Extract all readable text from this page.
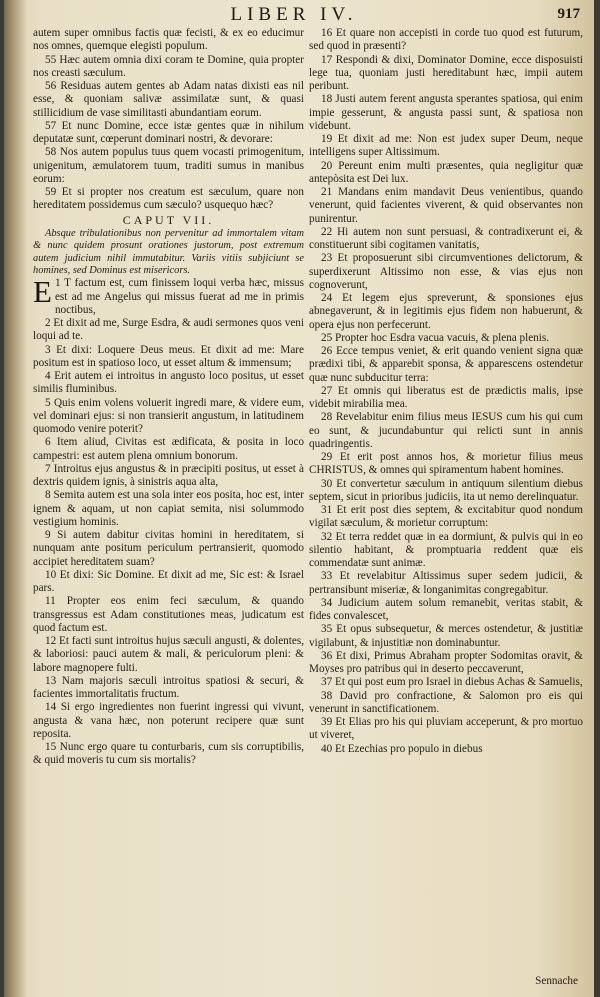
LIBER IV.	917

autem super omnibus factis quæ fecisti, & ex eo educimur nos omnes, quemque elegisti populum.

55 Hæc autem omnia dixi coram te Domine, quia propter nos creasti sæculum.

56 Residuas autem gentes ab Adam natas dixisti eas nil esse, & quoniam salivæ assimilatæ sunt, & quasi stillicidium de vase similitasti abundantiam eorum.

57 Et nunc Domine, ecce istæ gentes quæ in nihilum deputatæ sunt, cœperunt dominari nostri, & devorare:

58 Nos autem populus tuus quem vocasti primogenitum, unigenitum, æmulatorem tuum, traditi sumus in manibus eorum:

59 Et si propter nos creatum est sæculum, quare non hereditatem possidemus cum sæculo? usquequo hæc?

CAPUT VII.

Absque tribulationibus non pervenitur ad immortalem vitam & nunc quidem prosunt orationes justorum, post extremum autem judicium nihil immutabitur. Variis vitiis subjiciunt se homines, sed Dominus est misericors.

E 1 T factum est, cum finissem loqui verba hæc, missus est ad me Angelus qui missus fuerat ad me in primis noctibus,

2 Et dixit ad me, Surge Esdra, & audi sermones quos veni loqui ad te.

3 Et dixi: Loquere Deus meus. Et dixit ad me: Mare positum est in spatioso loco, ut esset altum & immensum;

4 Erit autem ei introitus in angusto loco positus, ut esset similis fluminibus.

5 Quis enim volens voluerit ingredi mare, & videre eum, vel dominari ejus: si non transierit angustum, in latitudinem quomodo venire poterit?

6 Item aliud, Civitas est ædificata, & posita in loco campestri: est autem plena omnium bonorum.

7 Introitus ejus angustus & in præcipiti positus, ut esset à dextris quidem ignis, à sinistris aqua alta,

8 Semita autem est una sola inter eos posita, hoc est, inter ignem & aquam, ut non capiat semita, nisi solummodo vestigium hominis.

9 Si autem dabitur civitas homini in hereditatem, si nunquam ante positum periculum pertransierit, quomodo accipiet hereditatem suam?

10 Et dixi: Sic Domine. Et dixit ad me, Sic est: & Israel pars.

11 Propter eos enim feci sæculum, & quando transgressus est Adam constitutiones meas, judicatum est quod factum est.

12 Et facti sunt introitus hujus sæculi angusti, & dolentes, & laboriosi: pauci autem & mali, & periculorum pleni: & labore magnopere fulti.

13 Nam majoris sæculi introitus spatiosi & securi, & facientes immortalitatis fructum.

14 Si ergo ingredientes non fuerint ingressi qui vivunt, angusta & vana hæc, non poterunt recipere quæ sunt reposita.

15 Nunc ergo quare tu conturbaris, cum sis corruptibilis, & quid moveris tu cum sis mortalis?

16 Et quare non accepisti in corde tuo quod est futurum, sed quod in præsenti?

17 Respondi & dixi, Dominator Domine, ecce disposuisti lege tua, quoniam justi hereditabunt hæc, impii autem peribunt.

18 Justi autem ferent angusta sperantes spatiosa, qui enim impie gesserunt, & angusta passi sunt, & spatiosa non videbunt.

19 Et dixit ad me: Non est judex super Deum, neque intelligens super Altissimum.

20 Pereunt enim multi præsentes, quia negligitur quæ antepòsita est Dei lux.

21 Mandans enim mandavit Deus venientibus, quando venerunt, quid facientes viverent, & quid observantes non punirentur.

22 Hi autem non sunt persuasi, & contradixerunt ei, & constituerunt sibi cogitamen vanitatis,

23 Et proposuerunt sibi circumventiones delictorum, & superdixerunt Altissimo non esse, & vias ejus non cognoverunt,

24 Et legem ejus spreverunt, & sponsiones ejus abnegaverunt, & in legitimis ejus fidem non habuerunt, & opera ejus non perfecerunt.

25 Propter hoc Esdra vacua vacuis, & plena plenis.

26 Ecce tempus veniet, & erit quando venient signa quæ prædixi tibi, & apparebit sponsa, & apparescens ostendetur quæ nunc subducitur terra:

27 Et omnis qui liberatus est de prædictis malis, ipse videbit mirabilia mea.

28 Revelabitur enim filius meus IESUS cum his qui cum eo sunt, & jucundabuntur qui relicti sunt in annis quadringentis.

29 Et erit post annos hos, & morietur filius meus CHRISTUS, & omnes qui spiramentum habent homines.

30 Et convertetur sæculum in antiquum silentium diebus septem, sicut in prioribus judiciis, ita ut nemo derelinquatur.

31 Et erit post dies septem, & excitabitur quod nondum vigilat sæculum, & morietur corruptum:

32 Et terra reddet quæ in ea dormiunt, & pulvis qui in eo silentio habitant, & promptuaria reddent quæ eis commendatæ sunt animæ.

33 Et revelabitur Altissimus super sedem judicii, & pertransibunt miseriæ, & longanimitas congregabitur.

34 Judicium autem solum remanebit, veritas stabit, & fides convalescet,

35 Et opus subsequetur, & merces ostendetur, & justitiæ vigilabunt, & injustitiæ non dominabuntur.

36 Et dixi, Primus Abraham propter Sodomitas oravit, & Moyses pro patribus qui in deserto peccaverunt,

37 Et qui post eum pro Israel in diebus Achas & Samuelis,

38 David pro confractione, & Salomon pro eis qui venerunt in sanctificationem.

39 Et Elias pro his qui pluviam acceperunt, & pro mortuo ut viveret,

40 Et Ezechias pro populo in diebus

Sennache
